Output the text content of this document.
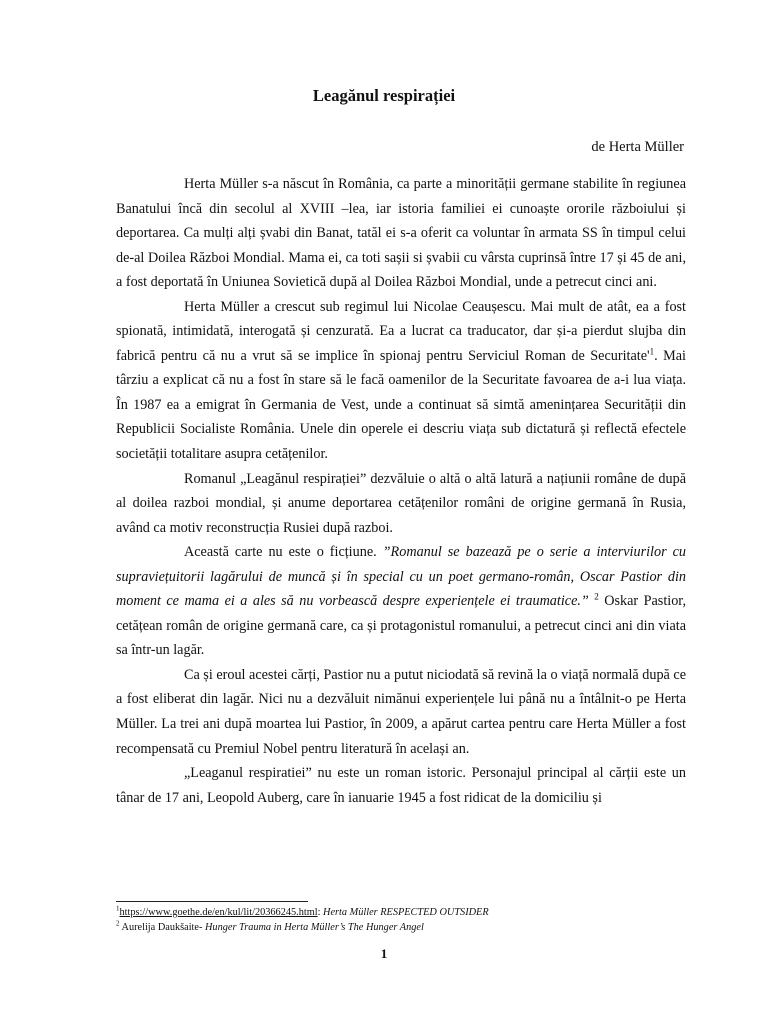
Leagănul respirației
de Herta Müller

Herta Müller s-a născut în România, ca parte a minorității germane stabilite în regiunea Banatului încă din secolul al XVIII –lea, iar istoria familiei ei cunoaște ororile războiului și deportarea. Ca mulți alți șvabi din Banat, tatăl ei s-a oferit ca voluntar în armata SS în timpul celui de-al Doilea Război Mondial. Mama ei, ca toti sașii si șvabii cu vârsta cuprinsă între 17 și 45 de ani, a fost deportată în Uniunea Sovietică după al Doilea Război Mondial, unde a petrecut cinci ani.

Herta Müller a crescut sub regimul lui Nicolae Ceaușescu. Mai mult de atât, ea a fost spionată, intimidată, interogată și cenzurată. Ea a lucrat ca traducator, dar și-a pierdut slujba din fabrică pentru că nu a vrut să se implice în spionaj pentru Serviciul Roman de $Securitate'^1$. Mai târziu a explicat că nu a fost în stare să le facă oamenilor de la Securitate favoarea de a-i lua viața. În 1987 ea a emigrat în Germania de Vest, unde a continuat să simtă amenințarea Securității din Republicii Socialiste România. Unele din operele ei descriu viața sub dictatură și reflectă efectele societății totalitare asupra cetățenilor.

Romanul „Leagănul respirației” dezvăluie o altă o altă latură a națiunii române de după al doilea razboi mondial, și anume deportarea cetățenilor români de origine germană în Rusia, având ca motiv reconstrucția Rusiei după razboi.

Această carte nu este o ficțiune. ”Romanul se bazează pe o serie a interviurilor cu supraviețuitorii lagărului de muncă și în special cu un poet germano-român, Oscar Pastior din moment ce mama ei a ales să nu vorbească despre experiențele ei traumatice.” $^2$ Oskar Pastior, cetățean român de origine germană care, ca și protagonistul romanului, a petrecut cinci ani din viata sa într-un lagăr.

Ca și eroul acestei cărți, Pastior nu a putut niciodată să revină la o viață normală după ce a fost eliberat din lagăr. Nici nu a dezvăluit nimănui experiențele lui până nu a întâlnit-o pe Herta Müller. La trei ani după moartea lui Pastior, în 2009, a apărut cartea pentru care Herta Müller a fost recompensată cu Premiul Nobel pentru literatură în același an.

„Leaganul respiratiei” nu este un roman istoric. Personajul principal al cărții este un tânar de 17 ani, Leopold Auberg, care în ianuarie 1945 a fost ridicat de la domiciliu și

$^1$https://www.goethe.de/en/kul/lit/20366245.html: Herta Müller RESPECTED OUTSIDER
$^2$ Aurelija Daukšaite- Hunger Trauma in Herta Müller’s The Hunger Angel
1
